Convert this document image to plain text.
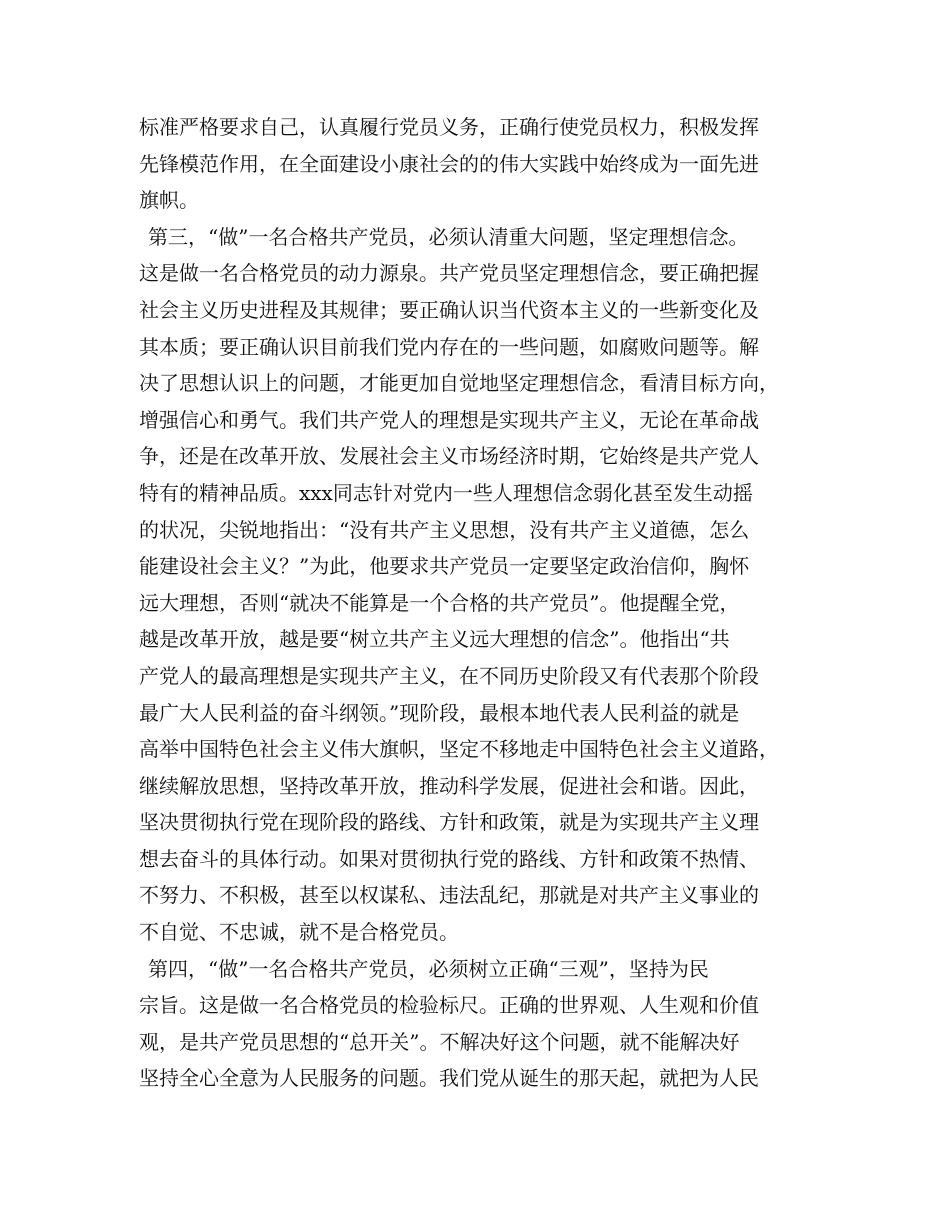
标准严格要求自己，认真履行党员义务，正确行使党员权力，积极发挥
先锋模范作用，在全面建设小康社会的的伟大实践中始终成为一面先进
旗帜。
第三，“做”一名合格共产党员，必须认清重大问题，坚定理想信念。
这是做一名合格党员的动力源泉。共产党员坚定理想信念，要正确把握
社会主义历史进程及其规律；要正确认识当代资本主义的一些新变化及
其本质；要正确认识目前我们党内存在的一些问题，如腐败问题等。解
决了思想认识上的问题，才能更加自觉地坚定理想信念，看清目标方向，
增强信心和勇气。我们共产党人的理想是实现共产主义，无论在革命战
争，还是在改革开放、发展社会主义市场经济时期，它始终是共产党人
特有的精神品质。xxx同志针对党内一些人理想信念弱化甚至发生动摇
的状况，尖锐地指出：“没有共产主义思想，没有共产主义道德，怎么
能建设社会主义？”为此，他要求共产党员一定要坚定政治信仰，胸怀
远大理想，否则“就决不能算是一个合格的共产党员”。他提醒全党，
越是改革开放，越是要“树立共产主义远大理想的信念”。他指出“共
产党人的最高理想是实现共产主义，在不同历史阶段又有代表那个阶段
最广大人民利益的奋斗纲领。”现阶段，最根本地代表人民利益的就是
高举中国特色社会主义伟大旗帜，坚定不移地走中国特色社会主义道路，
继续解放思想，坚持改革开放，推动科学发展，促进社会和谐。因此，
坚决贯彻执行党在现阶段的路线、方针和政策，就是为实现共产主义理
想去奋斗的具体行动。如果对贯彻执行党的路线、方针和政策不热情、
不努力、不积极，甚至以权谋私、违法乱纪，那就是对共产主义事业的
不自觉、不忠诚，就不是合格党员。
第四，“做”一名合格共产党员，必须树立正确“三观”，坚持为民
宗旨。这是做一名合格党员的检验标尺。正确的世界观、人生观和价值
观，是共产党员思想的“总开关”。不解决好这个问题，就不能解决好
坚持全心全意为人民服务的问题。我们党从诞生的那天起，就把为人民
